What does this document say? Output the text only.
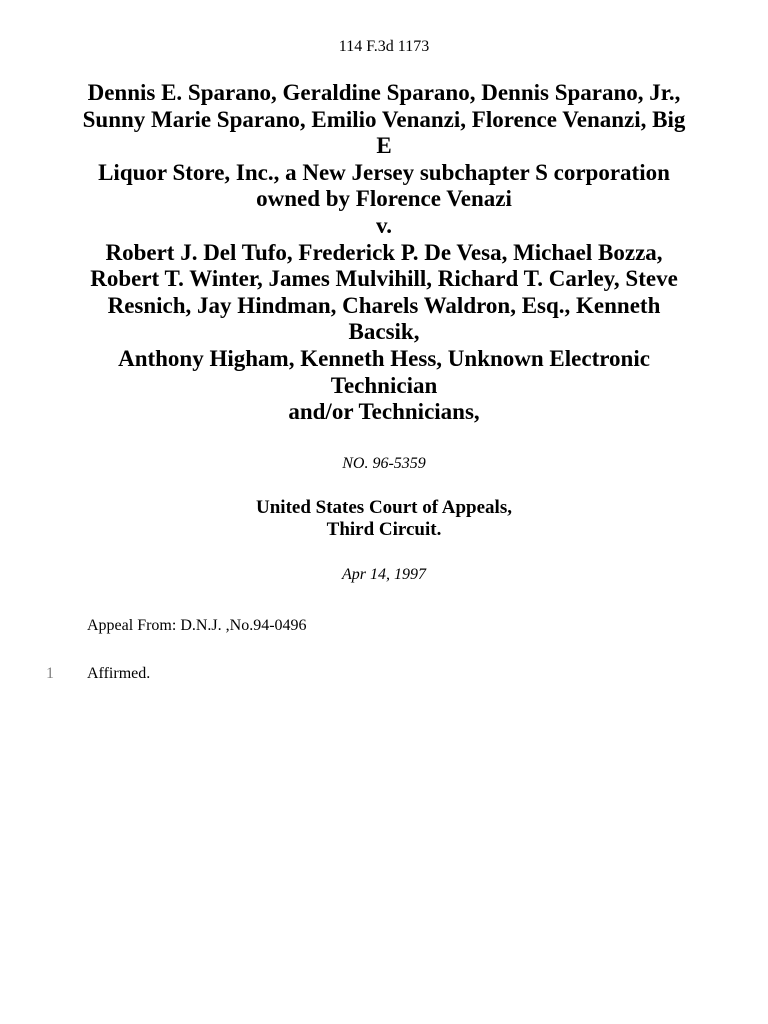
114 F.3d 1173
Dennis E. Sparano, Geraldine Sparano, Dennis Sparano, Jr.,
Sunny Marie Sparano, Emilio Venanzi, Florence Venanzi, Big
E
Liquor Store, Inc., a New Jersey subchapter S corporation
owned by Florence Venazi
v.
Robert J. Del Tufo, Frederick P. De Vesa, Michael Bozza,
Robert T. Winter, James Mulvihill, Richard T. Carley, Steve
Resnich, Jay Hindman, Charels Waldron, Esq., Kenneth
Bacsik,
Anthony Higham, Kenneth Hess, Unknown Electronic
Technician
and/or Technicians,
NO. 96-5359
United States Court of Appeals,
Third Circuit.
Apr 14, 1997
Appeal From: D.N.J. ,No.94-0496
1 Affirmed.
